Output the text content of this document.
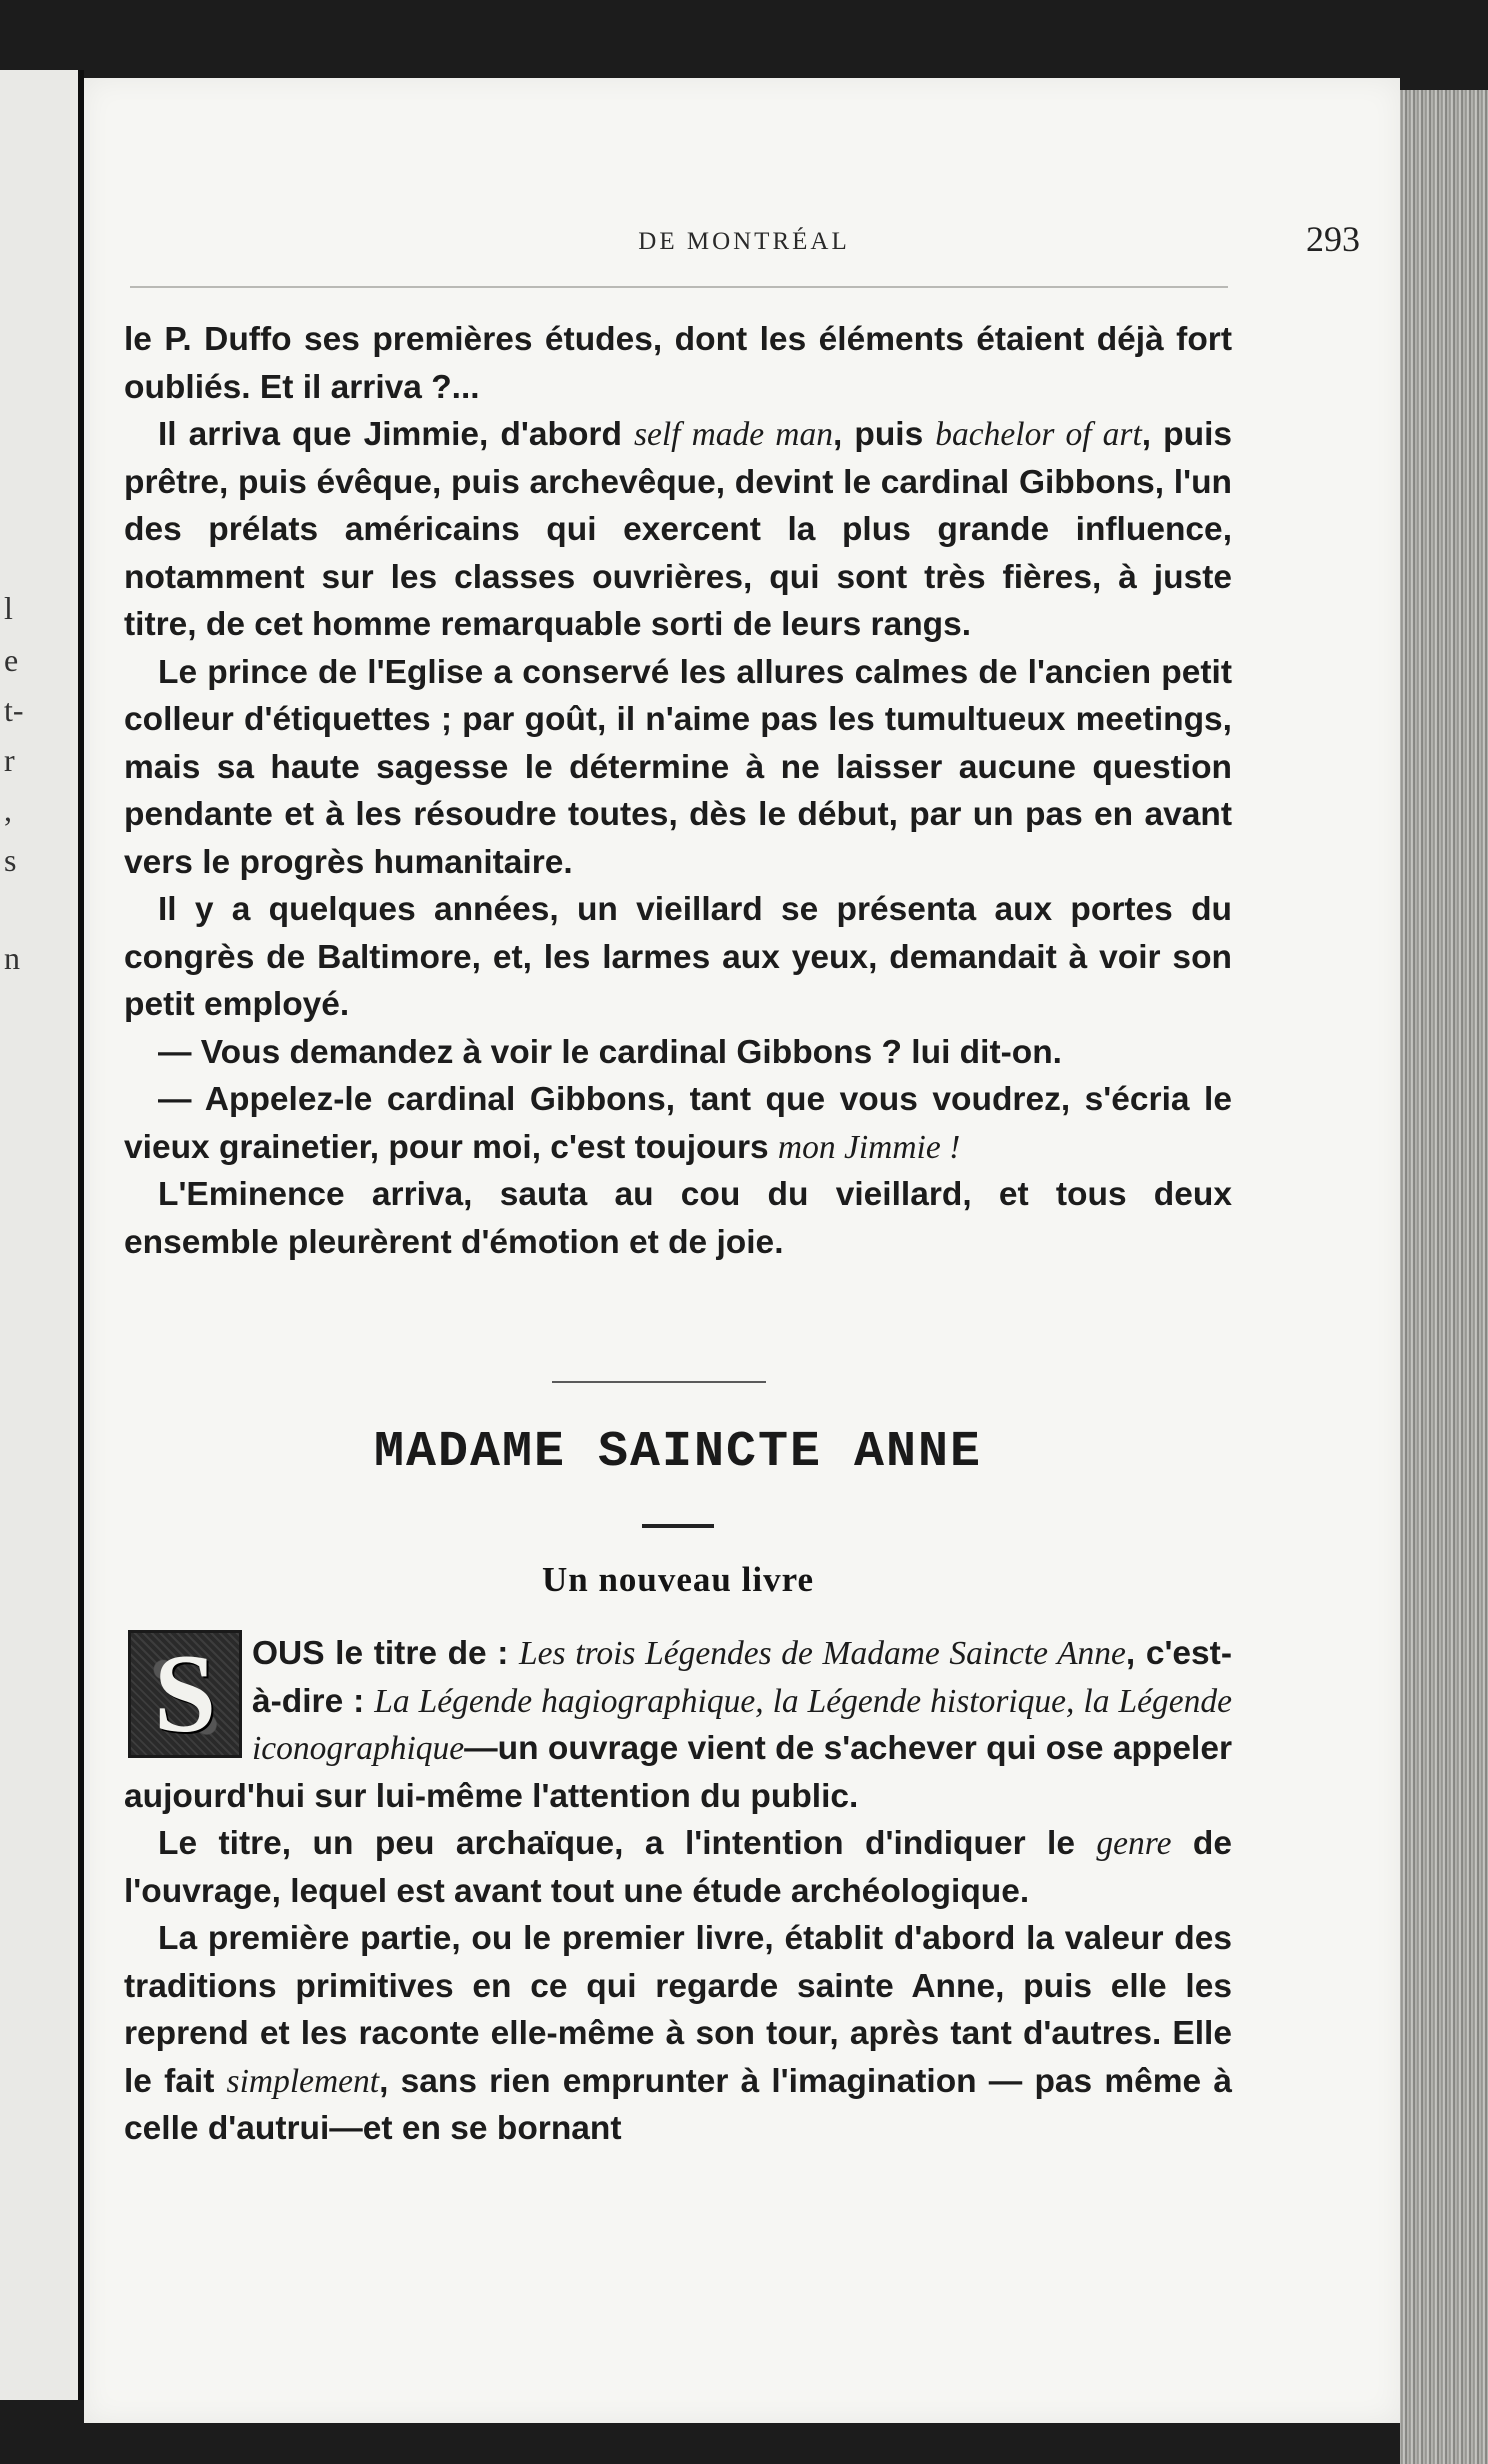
l
e
t-
r
,
s
n
DE MONTRÉAL	293

le P. Duffo ses premières études, dont les éléments étaient déjà fort oubliés. Et il arriva ?...

Il arriva que Jimmie, d'abord self made man, puis bachelor of art, puis prêtre, puis évêque, puis archevêque, devint le cardinal Gibbons, l'un des prélats américains qui exercent la plus grande influence, notamment sur les classes ouvrières, qui sont très fières, à juste titre, de cet homme remarquable sorti de leurs rangs.

Le prince de l'Eglise a conservé les allures calmes de l'ancien petit colleur d'étiquettes ; par goût, il n'aime pas les tumultueux meetings, mais sa haute sagesse le détermine à ne laisser aucune question pendante et à les résoudre toutes, dès le début, par un pas en avant vers le progrès humanitaire.

Il y a quelques années, un vieillard se présenta aux portes du congrès de Baltimore, et, les larmes aux yeux, demandait à voir son petit employé.

— Vous demandez à voir le cardinal Gibbons ? lui dit-on.

— Appelez-le cardinal Gibbons, tant que vous voudrez, s'écria le vieux grainetier, pour moi, c'est toujours mon Jimmie !

L'Eminence arriva, sauta au cou du vieillard, et tous deux ensemble pleurèrent d'émotion et de joie.

MADAME SAINCTE ANNE
Un nouveau livre

OUS le titre de : Les trois Légendes de Madame Saincte Anne, c'est-à-dire : La Légende hagiographique, la Légende historique, la Légende iconographique—un ouvrage vient de s'achever qui ose appeler aujourd'hui sur lui-même l'attention du public.

Le titre, un peu archaïque, a l'intention d'indiquer le genre de l'ouvrage, lequel est avant tout une étude archéologique.

La première partie, ou le premier livre, établit d'abord la valeur des traditions primitives en ce qui regarde sainte Anne, puis elle les reprend et les raconte elle-même à son tour, après tant d'autres. Elle le fait simplement, sans rien emprunter à l'imagination — pas même à celle d'autrui—et en se bornant

S
